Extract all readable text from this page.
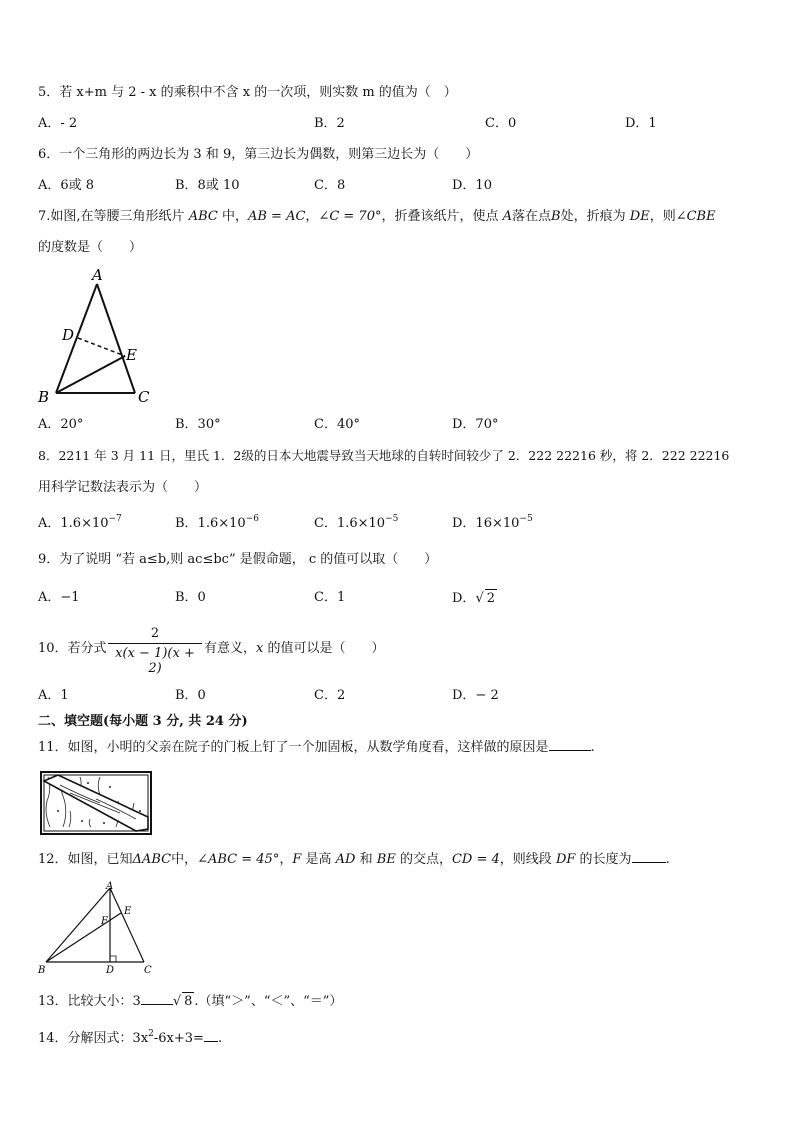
5．若 x+m 与 2 - x 的乘积中不含 x 的一次项，则实数 m 的值为（　）
A．- 2	B．2	C．0	D．1
6．一个三角形的两边长为 3 和 9，第三边长为偶数，则第三边长为（　　）
A．6或 8	B．8或 10	C．8	D．10
7.如图,在等腰三角形纸片 ABC 中，AB = AC，∠C = 70°，折叠该纸片，使点 A落在点B处，折痕为 DE，则∠CBE
的度数是（　　）
A
B	C
D
E
A．20°	B．30°	C．40°	D．70°
8．2211 年 3 月 11 日，里氏 1．2级的日本大地震导致当天地球的自转时间较少了 2．222 22216 秒，将 2．222 22216
用科学记数法表示为（　　）
A．$1.6\times 10^{-7}$	B．$1.6\times 10^{-6}$	C．$1.6\times 10^{-5}$	D．$16\times 10^{-5}$
9．为了说明 “若 a≤b,则 ac≤bc” 是假命题， c 的值可以取（　　）
A．−1	B．0	C．1	D．√ 2
10．若分式 $\frac{2}{x(x - 1)(x + 2)}$ 有意义，x 的值可以是（　　）
A．1	B．0	C．2	D．− 2
二、填空题(每小题 3 分, 共 24 分)
11．如图，小明的父亲在院子的门板上钉了一个加固板，从数学角度看，这样做的原因是	.
12．如图，已知ΔABC中，∠ABC = 45°，F 是高 AD 和 BE 的交点，CD = 4，则线段 DF 的长度为	.
A
B	C
D
E
F
13．比较大小：3 √ 8 .（填“＞”、“＜”、“＝”）
14．分解因式：$3x^2-6x+3=$ .
